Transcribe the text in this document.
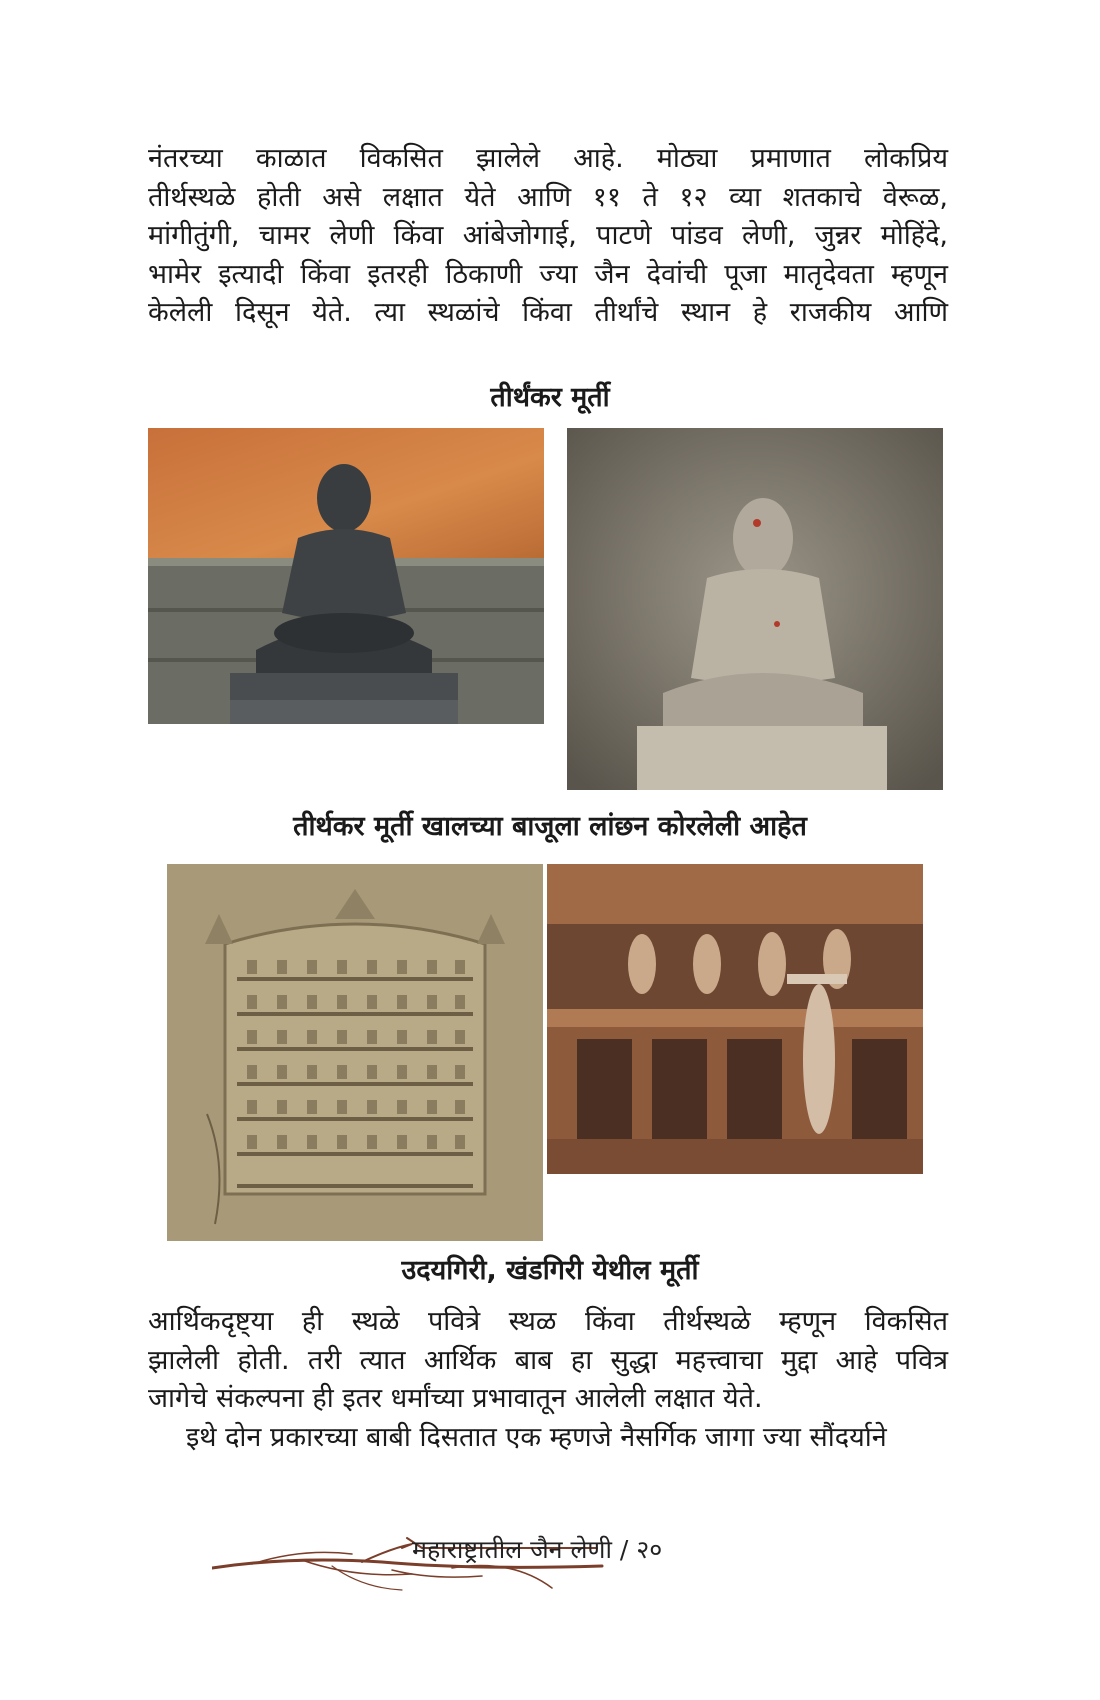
नंतरच्या काळात विकसित झालेले आहे. मोठ्या प्रमाणात लोकप्रिय
तीर्थस्थळे होती असे लक्षात येते आणि ११ ते १२ व्या शतकाचे वेरूळ,
मांगीतुंगी, चामर लेणी किंवा आंबेजोगाई, पाटणे पांडव लेणी, जुन्नर मोहिंदे,
भामेर इत्यादी किंवा इतरही ठिकाणी ज्या जैन देवांची पूजा मातृदेवता म्हणून
केलेली दिसून येते. त्या स्थळांचे किंवा तीर्थांचे स्थान हे राजकीय आणि
तीर्थंकर मूर्ती
तीर्थकर मूर्ती खालच्या बाजूला लांछन कोरलेली आहेत
उदयगिरी, खंडगिरी येथील मूर्ती
आर्थिकदृष्ट्या ही स्थळे पवित्रे स्थळ किंवा तीर्थस्थळे म्हणून विकसित
झालेली होती. तरी त्यात आर्थिक बाब हा सुद्धा महत्त्वाचा मुद्दा आहे पवित्र
जागेचे संकल्पना ही इतर धर्मांच्या प्रभावातून आलेली लक्षात येते.
इथे दोन प्रकारच्या बाबी दिसतात एक म्हणजे नैसर्गिक जागा ज्या सौंदर्याने
महाराष्ट्रातील जैन लेणी / २०
